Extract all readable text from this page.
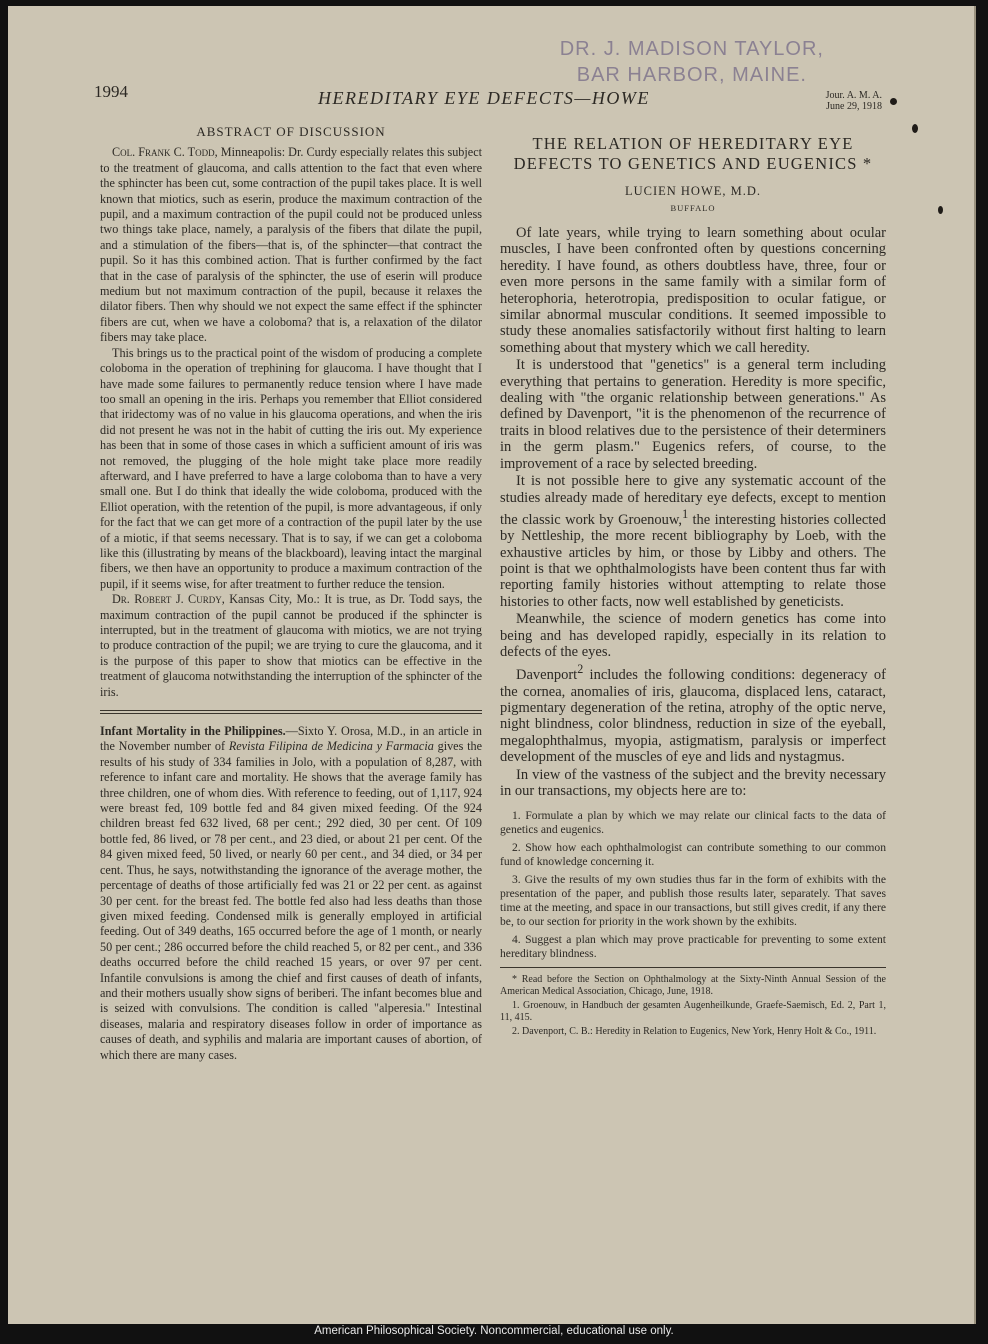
DR. J. MADISON TAYLOR,
BAR HARBOR, MAINE.
1994	HEREDITARY EYE DEFECTS—HOWE	Jour. A. M. A.
June 29, 1918
ABSTRACT OF DISCUSSION

Col. Frank C. Todd, Minneapolis: Dr. Curdy especially relates this subject to the treatment of glaucoma, and calls attention to the fact that even where the sphincter has been cut, some contraction of the pupil takes place. It is well known that miotics, such as eserin, produce the maximum contraction of the pupil, and a maximum contraction of the pupil could not be produced unless two things take place, namely, a paralysis of the fibers that dilate the pupil, and a stimulation of the fibers—that is, of the sphincter—that contract the pupil. So it has this combined action. That is further confirmed by the fact that in the case of paralysis of the sphincter, the use of eserin will produce medium but not maximum contraction of the pupil, because it relaxes the dilator fibers. Then why should we not expect the same effect if the sphincter fibers are cut, when we have a coloboma? that is, a relaxation of the dilator fibers may take place.

This brings us to the practical point of the wisdom of producing a complete coloboma in the operation of trephining for glaucoma. I have thought that I have made some failures to permanently reduce tension where I have made too small an opening in the iris. Perhaps you remember that Elliot considered that iridectomy was of no value in his glaucoma operations, and when the iris did not present he was not in the habit of cutting the iris out. My experience has been that in some of those cases in which a sufficient amount of iris was not removed, the plugging of the hole might take place more readily afterward, and I have preferred to have a large coloboma than to have a very small one. But I do think that ideally the wide coloboma, produced with the Elliot operation, with the retention of the pupil, is more advantageous, if only for the fact that we can get more of a contraction of the pupil later by the use of a miotic, if that seems necessary. That is to say, if we can get a coloboma like this (illustrating by means of the blackboard), leaving intact the marginal fibers, we then have an opportunity to produce a maximum contraction of the pupil, if it seems wise, for after treatment to further reduce the tension.

Dr. Robert J. Curdy, Kansas City, Mo.: It is true, as Dr. Todd says, the maximum contraction of the pupil cannot be produced if the sphincter is interrupted, but in the treatment of glaucoma with miotics, we are not trying to produce contraction of the pupil; we are trying to cure the glaucoma, and it is the purpose of this paper to show that miotics can be effective in the treatment of glaucoma notwithstanding the interruption of the sphincter of the iris.

Infant Mortality in the Philippines.—Sixto Y. Orosa, M.D., in an article in the November number of Revista Filipina de Medicina y Farmacia gives the results of his study of 334 families in Jolo, with a population of 8,287, with reference to infant care and mortality. He shows that the average family has three children, one of whom dies. With reference to feeding, out of 1,117, 924 were breast fed, 109 bottle fed and 84 given mixed feeding. Of the 924 children breast fed 632 lived, 68 per cent.; 292 died, 30 per cent. Of 109 bottle fed, 86 lived, or 78 per cent., and 23 died, or about 21 per cent. Of the 84 given mixed feed, 50 lived, or nearly 60 per cent., and 34 died, or 34 per cent. Thus, he says, notwithstanding the ignorance of the average mother, the percentage of deaths of those artificially fed was 21 or 22 per cent. as against 30 per cent. for the breast fed. The bottle fed also had less deaths than those given mixed feeding. Condensed milk is generally employed in artificial feeding. Out of 349 deaths, 165 occurred before the age of 1 month, or nearly 50 per cent.; 286 occurred before the child reached 5, or 82 per cent., and 336 deaths occurred before the child reached 15 years, or over 97 per cent. Infantile convulsions is among the chief and first causes of death of infants, and their mothers usually show signs of beriberi. The infant becomes blue and is seized with convulsions. The condition is called "alperesia." Intestinal diseases, malaria and respiratory diseases follow in order of importance as causes of death, and syphilis and malaria are important causes of abortion, of which there are many cases.

THE RELATION OF HEREDITARY EYE DEFECTS TO GENETICS AND EUGENICS *
LUCIEN HOWE, M.D.
BUFFALO

Of late years, while trying to learn something about ocular muscles, I have been confronted often by questions concerning heredity. I have found, as others doubtless have, three, four or even more persons in the same family with a similar form of heterophoria, heterotropia, predisposition to ocular fatigue, or similar abnormal muscular conditions. It seemed impossible to study these anomalies satisfactorily without first halting to learn something about that mystery which we call heredity.

It is understood that "genetics" is a general term including everything that pertains to generation. Heredity is more specific, dealing with "the organic relationship between generations." As defined by Davenport, "it is the phenomenon of the recurrence of traits in blood relatives due to the persistence of their determiners in the germ plasm." Eugenics refers, of course, to the improvement of a race by selected breeding.

It is not possible here to give any systematic account of the studies already made of hereditary eye defects, except to mention the classic work by Groenouw,$^1$ the interesting histories collected by Nettleship, the more recent bibliography by Loeb, with the exhaustive articles by him, or those by Libby and others. The point is that we ophthalmologists have been content thus far with reporting family histories without attempting to relate those histories to other facts, now well established by geneticists.

Meanwhile, the science of modern genetics has come into being and has developed rapidly, especially in its relation to defects of the eyes.

Davenport$^2$ includes the following conditions: degeneracy of the cornea, anomalies of iris, glaucoma, displaced lens, cataract, pigmentary degeneration of the retina, atrophy of the optic nerve, night blindness, color blindness, reduction in size of the eyeball, megalophthalmus, myopia, astigmatism, paralysis or imperfect development of the muscles of eye and lids and nystagmus.

In view of the vastness of the subject and the brevity necessary in our transactions, my objects here are to:

1. Formulate a plan by which we may relate our clinical facts to the data of genetics and eugenics.

2. Show how each ophthalmologist can contribute something to our common fund of knowledge concerning it.

3. Give the results of my own studies thus far in the form of exhibits with the presentation of the paper, and publish those results later, separately. That saves time at the meeting, and space in our transactions, but still gives credit, if any there be, to our section for priority in the work shown by the exhibits.

4. Suggest a plan which may prove practicable for preventing to some extent hereditary blindness.

* Read before the Section on Ophthalmology at the Sixty-Ninth Annual Session of the American Medical Association, Chicago, June, 1918.

1. Groenouw, in Handbuch der gesamten Augenheilkunde, Graefe-Saemisch, Ed. 2, Part 1, 11, 415.

2. Davenport, C. B.: Heredity in Relation to Eugenics, New York, Henry Holt & Co., 1911.

American Philosophical Society. Noncommercial, educational use only.
